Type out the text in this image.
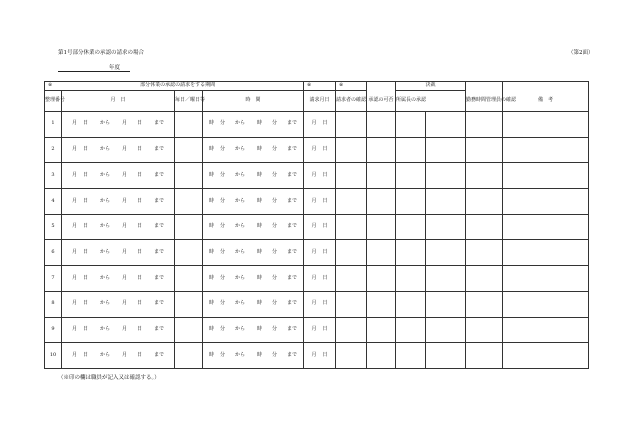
第1号部分休業の承認の請求の場合	（第2面）
年度
※ 部分休業の承認の請求をする期間				※	※		決裁			
整理番号	月　日	毎日／曜日等	時　間	請求月日	請求者の確認	承認の可否	所属長の承認		勤務時間管理員の確認	備　考
1	月 日 から 月 日 まで		時 分 から 時 分 まで	月 日						

2	月 日 から 月 日 まで		時 分 から 時 分 まで	月 日						

3	月 日 から 月 日 まで		時 分 から 時 分 まで	月 日						

4	月 日 から 月 日 まで		時 分 から 時 分 まで	月 日						

5	月 日 から 月 日 まで		時 分 から 時 分 まで	月 日						

6	月 日 から 月 日 まで		時 分 から 時 分 まで	月 日						

7	月 日 から 月 日 まで		時 分 から 時 分 まで	月 日						

8	月 日 から 月 日 まで		時 分 から 時 分 まで	月 日						

9	月 日 から 月 日 まで		時 分 から 時 分 まで	月 日						

10	月 日 から 月 日 まで		時 分 から 時 分 まで	月 日						

（※印の欄は職員が記入又は確認する。）
